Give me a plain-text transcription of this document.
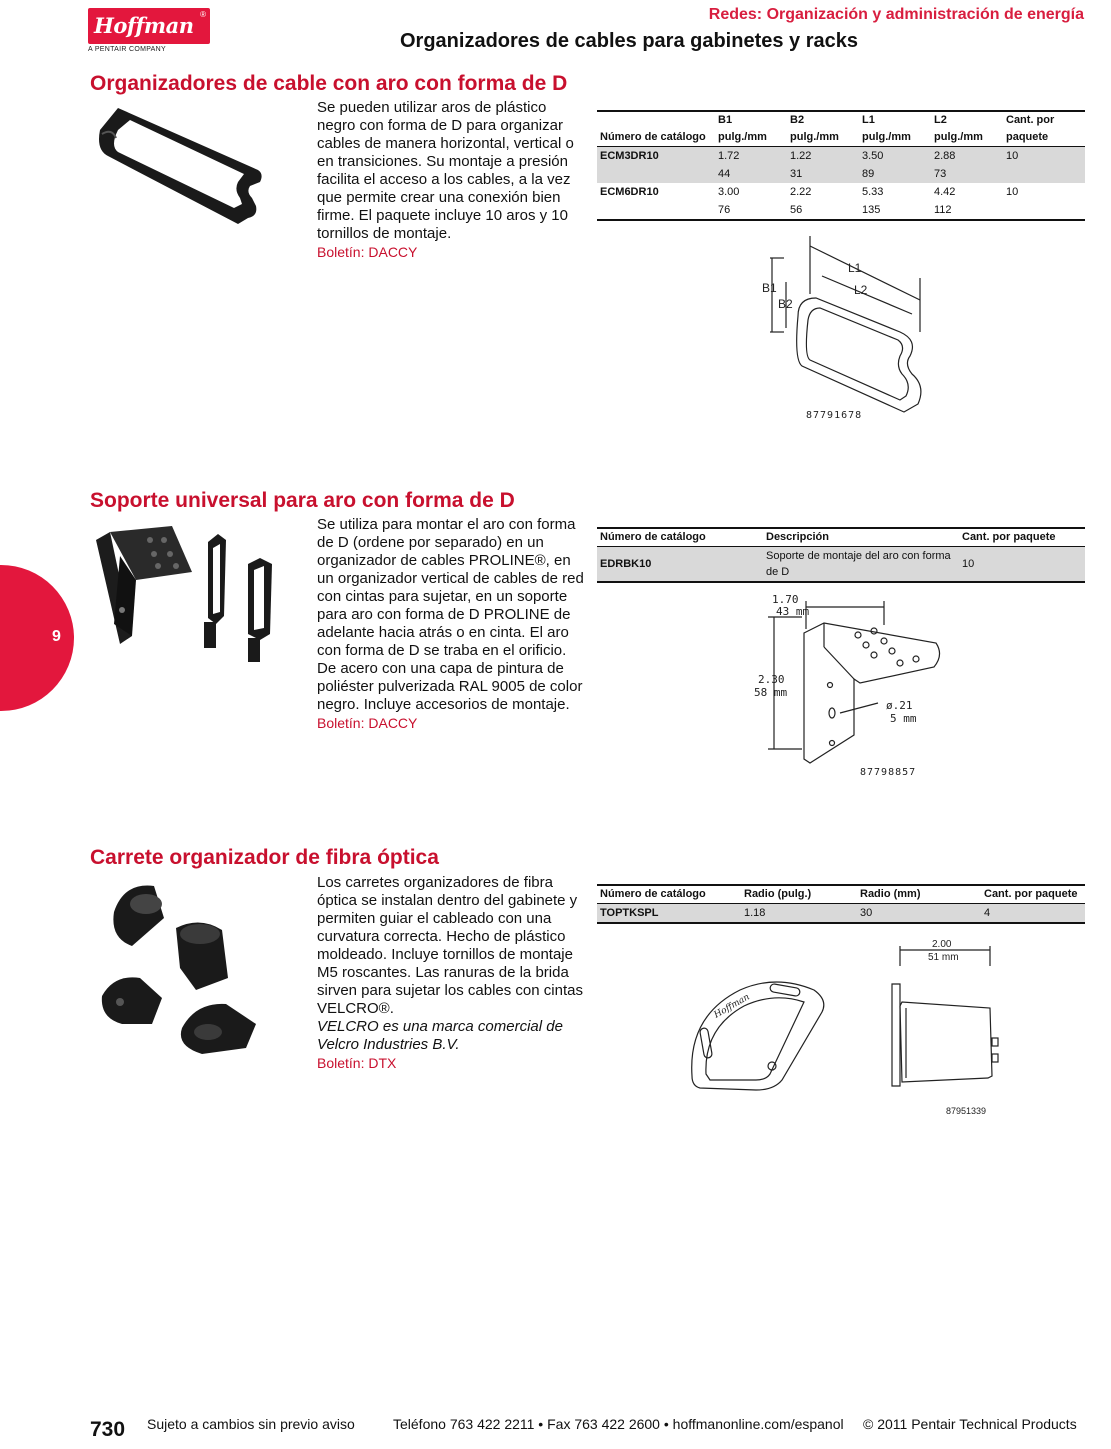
Hoffman ®
A PENTAIR COMPANY
Redes: Organización y administración de energía
Organizadores de cables para gabinetes y racks
9
Organizadores de cable con aro con forma de D

Se pueden utilizar aros de plástico negro con forma de D para organizar cables de manera horizontal, vertical o en transiciones. Su montaje a presión facilita el acceso a los cables, a la vez que permite crear una conexión bien firme. El paquete incluye 10 aros y 10 tornillos de montaje.

Boletín: DACCY

	B1	B2	L1	L2	Cant. por
Número de catálogo	pulg./mm	pulg./mm	pulg./mm	pulg./mm	paquete
ECM3DR10	1.72	1.22	3.50	2.88	10
	44	31	89	73	
ECM6DR10	3.00	2.22	5.33	4.42	10
	76	56	135	112	
L1
L2
B1
B2
87791678
Soporte universal para aro con forma de D

Se utiliza para montar el aro con forma de D (ordene por separado) en un organizador de cables PROLINE®, en un organizador vertical de cables de red con cintas para sujetar, en un soporte para aro con forma de D PROLINE de adelante hacia atrás o en cinta. El aro con forma de D se traba en el orificio. De acero con una capa de pintura de poliéster pulverizada RAL 9005 de color negro. Incluye accesorios de montaje.

Boletín: DACCY

Número de catálogo	Descripción	Cant. por paquete
EDRBK10	Soporte de montaje del aro con forma de D	10
1.70
43 mm
2.30
58 mm
ø.21
5 mm
87798857
Carrete organizador de fibra óptica

Los carretes organizadores de fibra óptica se instalan dentro del gabinete y permiten guiar el cableado con una curvatura correcta. Hecho de plástico moldeado. Incluye tornillos de montaje M5 roscantes. Las ranuras de la brida sirven para sujetar los cables con cintas VELCRO®.

VELCRO es una marca comercial de Velcro Industries B.V.

Boletín: DTX

Número de catálogo	Radio (pulg.)	Radio (mm)	Cant. por paquete
TOPTKSPL	1.18	30	4
Hoffman
2.00
51 mm
87951339
730 Sujeto a cambios sin previo aviso	Teléfono 763 422 2211 • Fax 763 422 2600 • hoffmanonline.com/espanol © 2011 Pentair Technical Products
